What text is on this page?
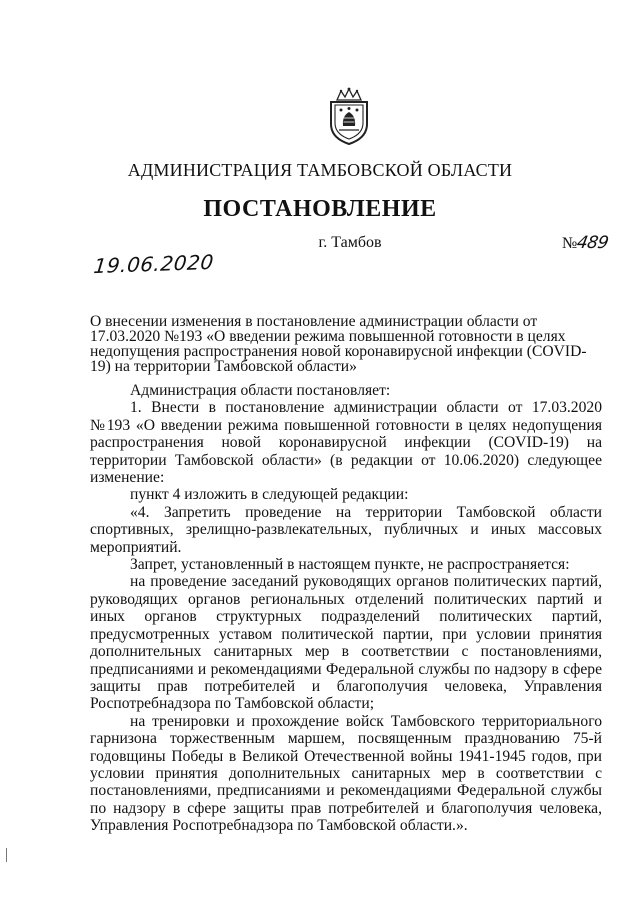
АДМИНИСТРАЦИЯ ТАМБОВСКОЙ ОБЛАСТИ
ПОСТАНОВЛЕНИЕ
19.06.2020
г. Тамбов	№489
О внесении изменения в постановление администрации области от 17.03.2020 №193 «О введении режима повышенной готовности в целях недопущения распространения новой коронавирусной инфекции (COVID-19) на территории Тамбовской области»

Администрация области постановляет:

1. Внести в постановление администрации области от 17.03.2020 №193 «О введении режима повышенной готовности в целях недопущения распространения новой коронавирусной инфекции (COVID-19) на территории Тамбовской области» (в редакции от 10.06.2020) следующее изменение:

пункт 4 изложить в следующей редакции:

«4. Запретить проведение на территории Тамбовской области спортивных, зрелищно-развлекательных, публичных и иных массовых мероприятий.

Запрет, установленный в настоящем пункте, не распространяется:

на проведение заседаний руководящих органов политических партий, руководящих органов региональных отделений политических партий и иных органов структурных подразделений политических партий, предусмотренных уставом политической партии, при условии принятия дополнительных санитарных мер в соответствии с постановлениями, предписаниями и рекомендациями Федеральной службы по надзору в сфере защиты прав потребителей и благополучия человека, Управления Роспотребнадзора по Тамбовской области;

на тренировки и прохождение войск Тамбовского территориального гарнизона торжественным маршем, посвященным празднованию 75-й годовщины Победы в Великой Отечественной войны 1941-1945 годов, при условии принятия дополнительных санитарных мер в соответствии с постановлениями, предписаниями и рекомендациями Федеральной службы по надзору в сфере защиты прав потребителей и благополучия человека, Управления Роспотребнадзора по Тамбовской области.».
